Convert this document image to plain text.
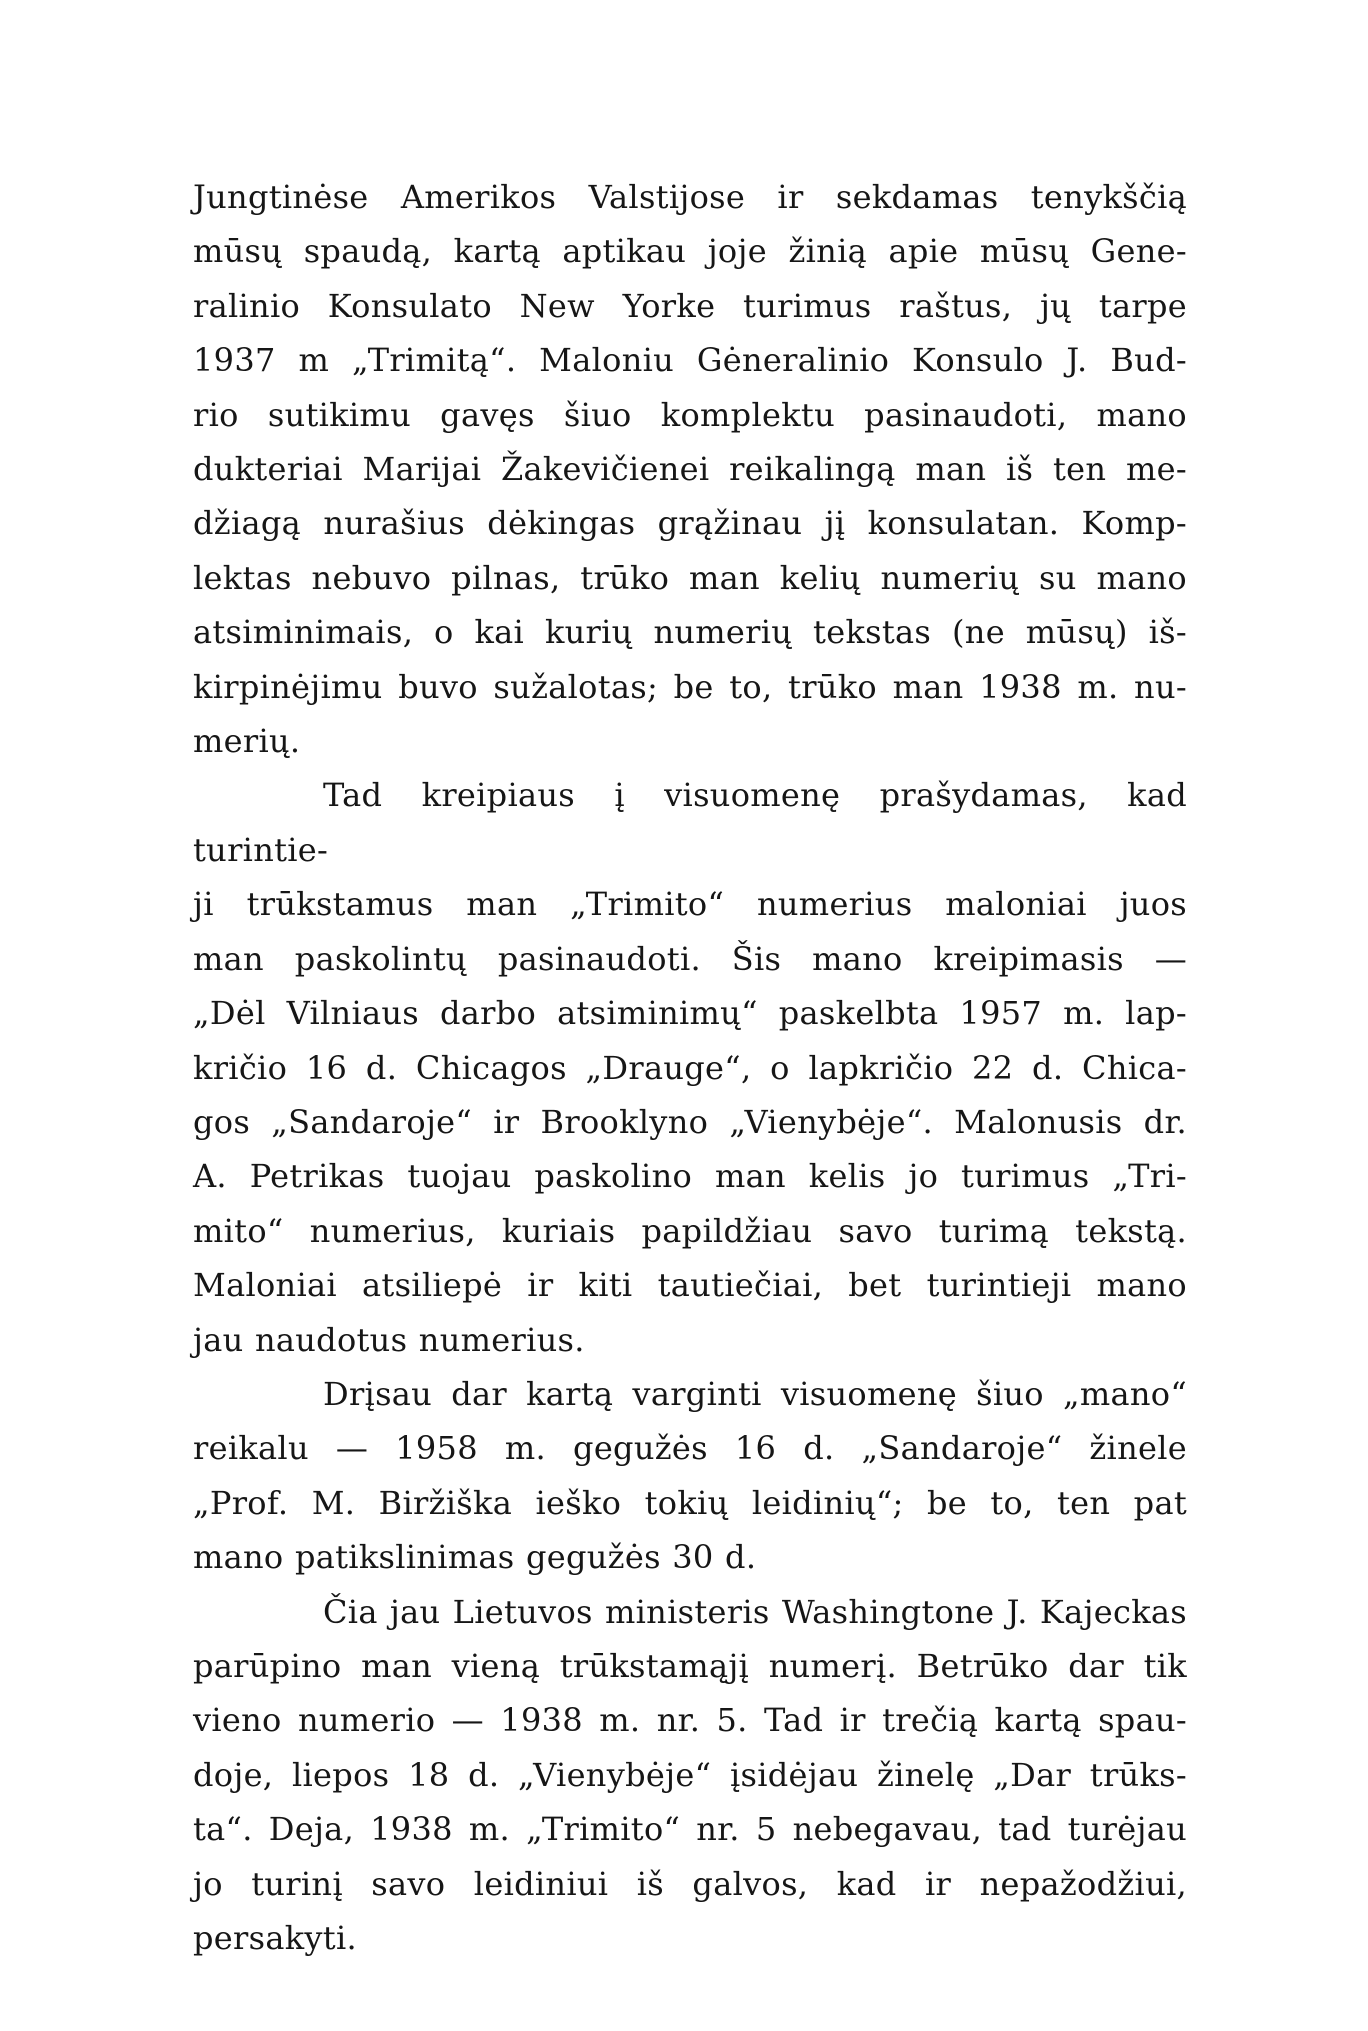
Jungtinėse Amerikos Valstijose ir sekdamas tenykščią
mūsų spaudą, kartą aptikau joje žinią apie mūsų Gene-
ralinio Konsulato New Yorke turimus raštus, jų tarpe
1937 m „Trimitą“. Maloniu Gėneralinio Konsulo J. Bud-
rio sutikimu gavęs šiuo komplektu pasinaudoti, mano
dukteriai Marijai Žakevičienei reikalingą man iš ten me-
džiagą nurašius dėkingas grąžinau jį konsulatan. Komp-
lektas nebuvo pilnas, trūko man kelių numerių su mano
atsiminimais, o kai kurių numerių tekstas (ne mūsų) iš-
kirpinėjimu buvo sužalotas; be to, trūko man 1938 m. nu-
merių.
Tad kreipiaus į visuomenę prašydamas, kad turintie-
ji trūkstamus man „Trimito“ numerius maloniai juos
man paskolintų pasinaudoti. Šis mano kreipimasis —
„Dėl Vilniaus darbo atsiminimų“ paskelbta 1957 m. lap-
kričio 16 d. Chicagos „Drauge“, o lapkričio 22 d. Chica-
gos „Sandaroje“ ir Brooklyno „Vienybėje“. Malonusis dr.
A. Petrikas tuojau paskolino man kelis jo turimus „Tri-
mito“ numerius, kuriais papildžiau savo turimą tekstą.
Maloniai atsiliepė ir kiti tautiečiai, bet turintieji mano
jau naudotus numerius.
Drįsau dar kartą varginti visuomenę šiuo „mano“
reikalu — 1958 m. gegužės 16 d. „Sandaroje“ žinele
„Prof. M. Biržiška ieško tokių leidinių“; be to, ten pat
mano patikslinimas gegužės 30 d.
Čia jau Lietuvos ministeris Washingtone J. Kajeckas
parūpino man vieną trūkstamąjį numerį. Betrūko dar tik
vieno numerio — 1938 m. nr. 5. Tad ir trečią kartą spau-
doje, liepos 18 d. „Vienybėje“ įsidėjau žinelę „Dar trūks-
ta“. Deja, 1938 m. „Trimito“ nr. 5 nebegavau, tad turėjau
jo turinį savo leidiniui iš galvos, kad ir nepažodžiui,
persakyti.
